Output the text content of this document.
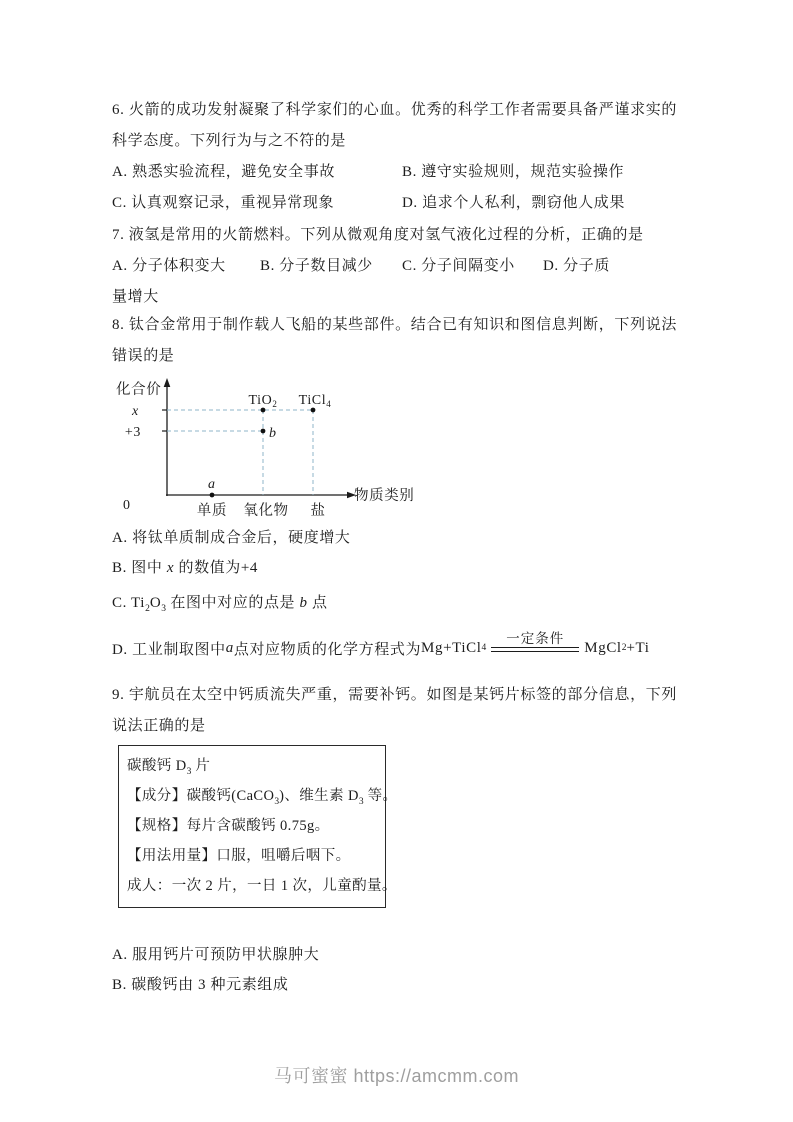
6. 火箭的成功发射凝聚了科学家们的心血。优秀的科学工作者需要具备严谨求实的科学态度。下列行为与之不符的是
A. 熟悉实验流程，避免安全事故	B. 遵守实验规则，规范实验操作
C. 认真观察记录，重视异常现象	D. 追求个人私利，剽窃他人成果
7. 液氢是常用的火箭燃料。下列从微观角度对氢气液化过程的分析，正确的是
A. 分子体积变大 B. 分子数目减少 C. 分子间隔变小 D. 分子质
量增大
8. 钛合金常用于制作载人飞船的某些部件。结合已有知识和图信息判断，下列说法错误的是
化合价
物质类别
x
+3
0
TiO$_2$ TiCl$_4$
b
a
单质 氧化物 盐
A. 将钛单质制成合金后，硬度增大
B. 图中 x 的数值为+4
C. $Ti_2O_3$ 在图中对应的点是 b 点
D. 工业制取图中 a 点对应物质的化学方程式为 Mg+TiCl 4
一定条件
MgCl 2 +Ti
9. 宇航员在太空中钙质流失严重，需要补钙。如图是某钙片标签的部分信息，下列说法正确的是
碳酸钙 $D_3$ 片
【成分】碳酸钙(CaCO$_3$)、维生素 $D_3$ 等。
【规格】每片含碳酸钙 0.75g。
【用法用量】口服，咀嚼后咽下。
成人：一次 2 片，一日 1 次，儿童酌量。
A. 服用钙片可预防甲状腺肿大
B. 碳酸钙由 3 种元素组成
马可蜜蜜 https://amcmm.com
